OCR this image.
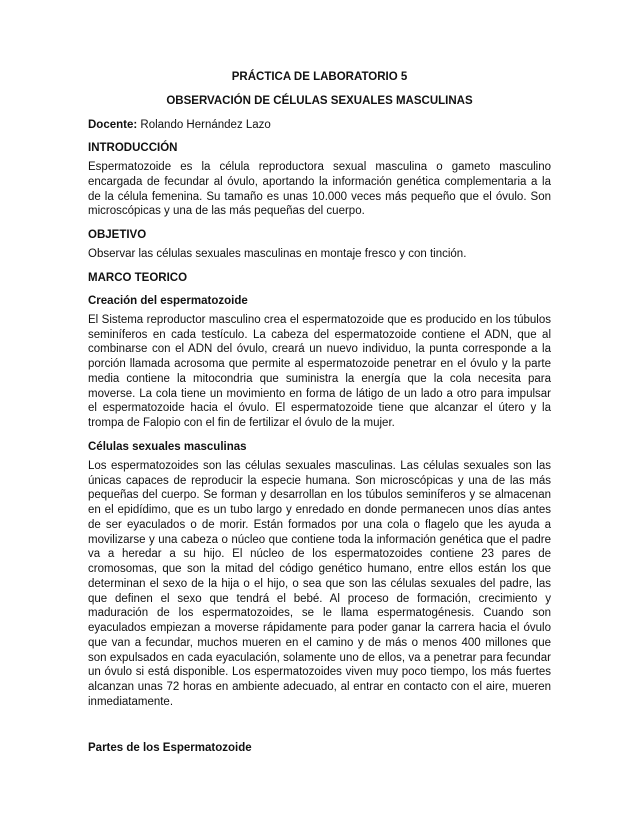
PRÁCTICA DE LABORATORIO 5
OBSERVACIÓN DE CÉLULAS SEXUALES MASCULINAS
Docente: Rolando Hernández Lazo
INTRODUCCIÓN

Espermatozoide es la célula reproductora sexual masculina o gameto masculino encargada de fecundar al óvulo, aportando la información genética complementaria a la de la célula femenina. Su tamaño es unas 10.000 veces más pequeño que el óvulo. Son microscópicas y una de las más pequeñas del cuerpo.

OBJETIVO

Observar las células sexuales masculinas en montaje fresco y con tinción.

MARCO TEORICO
Creación del espermatozoide

El Sistema reproductor masculino crea el espermatozoide que es producido en los túbulos seminíferos en cada testículo. La cabeza del espermatozoide contiene el ADN, que al combinarse con el ADN del óvulo, creará un nuevo individuo, la punta corresponde a la porción llamada acrosoma que permite al espermatozoide penetrar en el óvulo y la parte media contiene la mitocondria que suministra la energía que la cola necesita para moverse. La cola tiene un movimiento en forma de látigo de un lado a otro para impulsar el espermatozoide hacia el óvulo. El espermatozoide tiene que alcanzar el útero y la trompa de Falopio con el fin de fertilizar el óvulo de la mujer.

Células sexuales masculinas

Los espermatozoides son las células sexuales masculinas. Las células sexuales son las únicas capaces de reproducir la especie humana. Son microscópicas y una de las más pequeñas del cuerpo. Se forman y desarrollan en los túbulos seminíferos y se almacenan en el epidídimo, que es un tubo largo y enredado en donde permanecen unos días antes de ser eyaculados o de morir. Están formados por una cola o flagelo que les ayuda a movilizarse y una cabeza o núcleo que contiene toda la información genética que el padre va a heredar a su hijo. El núcleo de los espermatozoides contiene 23 pares de cromosomas, que son la mitad del código genético humano, entre ellos están los que determinan el sexo de la hija o el hijo, o sea que son las células sexuales del padre, las que definen el sexo que tendrá el bebé. Al proceso de formación, crecimiento y maduración de los espermatozoides, se le llama espermatogénesis. Cuando son eyaculados empiezan a moverse rápidamente para poder ganar la carrera hacia el óvulo que van a fecundar, muchos mueren en el camino y de más o menos 400 millones que son expulsados en cada eyaculación, solamente uno de ellos, va a penetrar para fecundar un óvulo si está disponible. Los espermatozoides viven muy poco tiempo, los más fuertes alcanzan unas 72 horas en ambiente adecuado, al entrar en contacto con el aire, mueren inmediatamente.

Partes de los Espermatozoide
